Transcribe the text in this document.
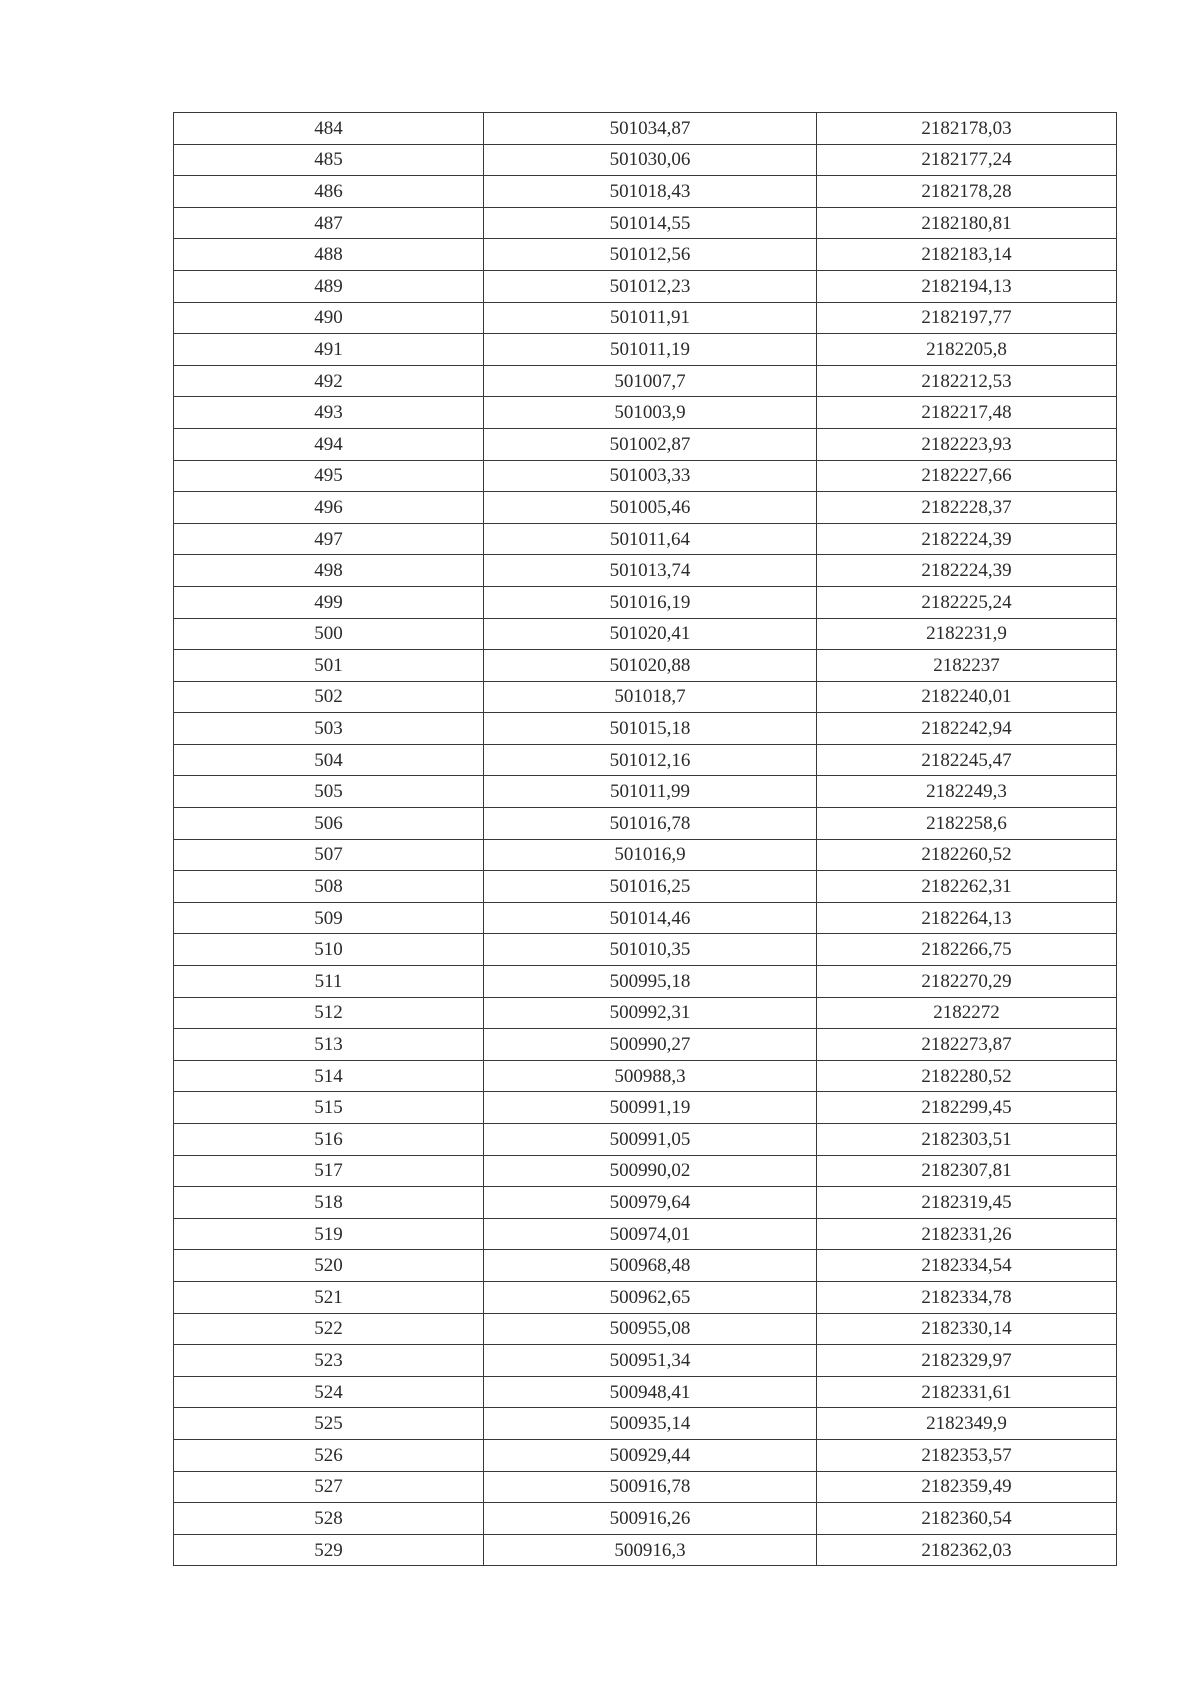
484	501034,87	2182178,03
485	501030,06	2182177,24
486	501018,43	2182178,28
487	501014,55	2182180,81
488	501012,56	2182183,14
489	501012,23	2182194,13
490	501011,91	2182197,77
491	501011,19	2182205,8
492	501007,7	2182212,53
493	501003,9	2182217,48
494	501002,87	2182223,93
495	501003,33	2182227,66
496	501005,46	2182228,37
497	501011,64	2182224,39
498	501013,74	2182224,39
499	501016,19	2182225,24
500	501020,41	2182231,9
501	501020,88	2182237
502	501018,7	2182240,01
503	501015,18	2182242,94
504	501012,16	2182245,47
505	501011,99	2182249,3
506	501016,78	2182258,6
507	501016,9	2182260,52
508	501016,25	2182262,31
509	501014,46	2182264,13
510	501010,35	2182266,75
511	500995,18	2182270,29
512	500992,31	2182272
513	500990,27	2182273,87
514	500988,3	2182280,52
515	500991,19	2182299,45
516	500991,05	2182303,51
517	500990,02	2182307,81
518	500979,64	2182319,45
519	500974,01	2182331,26
520	500968,48	2182334,54
521	500962,65	2182334,78
522	500955,08	2182330,14
523	500951,34	2182329,97
524	500948,41	2182331,61
525	500935,14	2182349,9
526	500929,44	2182353,57
527	500916,78	2182359,49
528	500916,26	2182360,54
529	500916,3	2182362,03
